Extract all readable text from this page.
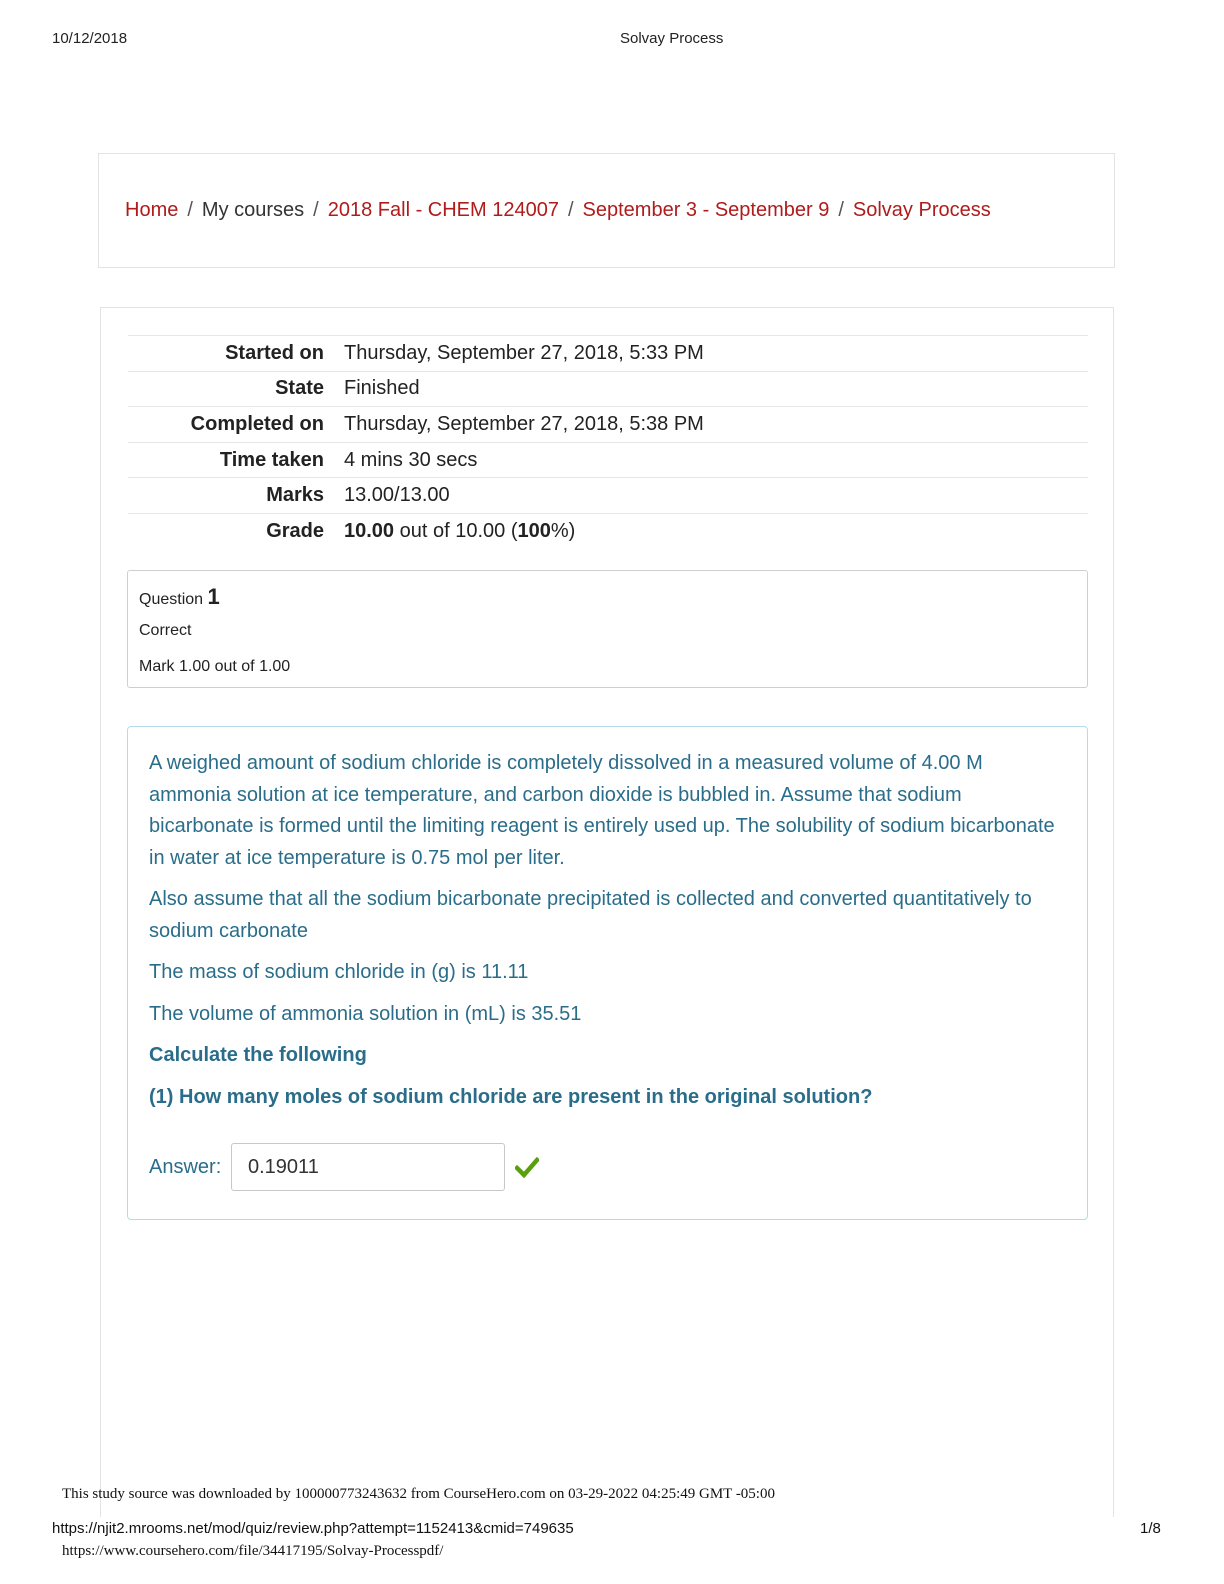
10/12/2018	Solvay Process
Home / My courses / 2018 Fall - CHEM 124007 / September 3 - September 9 / Solvay Process
Started on	Thursday, September 27, 2018, 5:33 PM
State	Finished
Completed on	Thursday, September 27, 2018, 5:38 PM
Time taken	4 mins 30 secs
Marks	13.00/13.00
Grade	10.00 out of 10.00 (100%)
Question 1
Correct
Mark 1.00 out of 1.00

A weighed amount of sodium chloride is completely dissolved in a measured volume of 4.00 M ammonia solution at ice temperature, and carbon dioxide is bubbled in. Assume that sodium bicarbonate is formed until the limiting reagent is entirely used up. The solubility of sodium bicarbonate in water at ice temperature is 0.75 mol per liter.

Also assume that all the sodium bicarbonate precipitated is collected and converted quantitatively to sodium carbonate

The mass of sodium chloride in (g) is 11.11

The volume of ammonia solution in (mL) is 35.51

Calculate the following

(1) How many moles of sodium chloride are present in the original solution?

Answer:
0.19011
This study source was downloaded by 100000773243632 from CourseHero.com on 03-29-2022 04:25:49 GMT -05:00
https://njit2.mrooms.net/mod/quiz/review.php?attempt=1152413&cmid=749635	1/8
https://www.coursehero.com/file/34417195/Solvay-Processpdf/
